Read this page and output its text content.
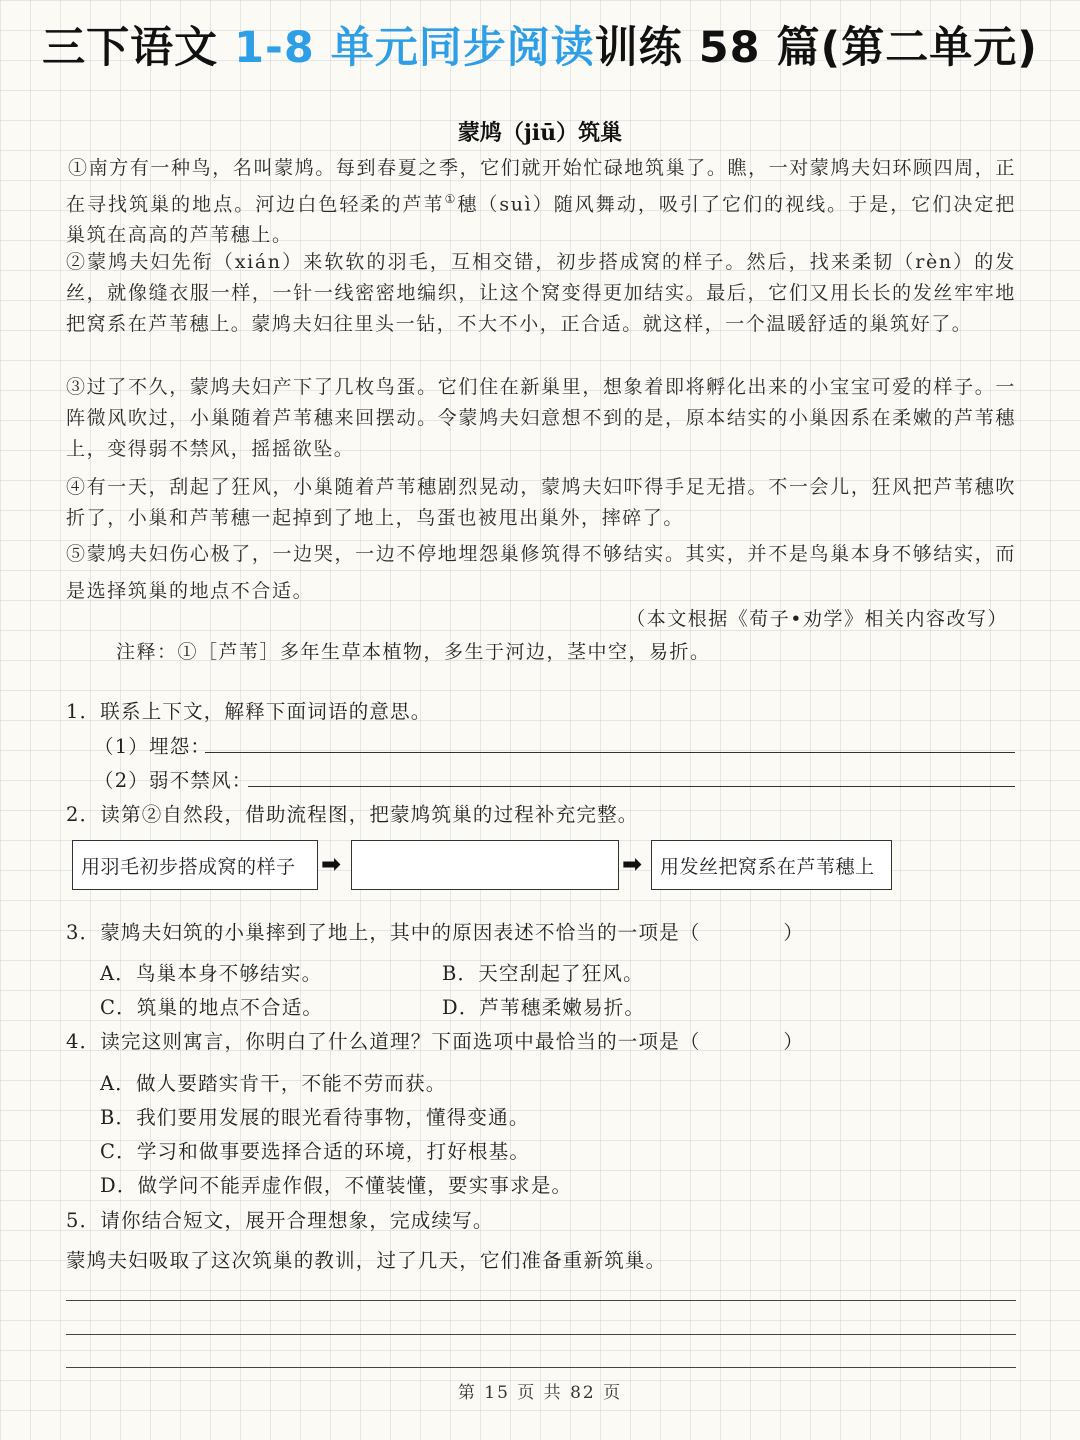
三下语文 1-8 单元同步阅读训练 58 篇(第二单元)
蒙鸠（jiū）筑巢

①南方有一种鸟，名叫蒙鸠。每到春夏之季，它们就开始忙碌地筑巢了。瞧，一对蒙鸠夫妇环顾四周，正在寻找筑巢的地点。河边白色轻柔的芦苇①穗（suì）随风舞动，吸引了它们的视线。于是，它们决定把巢筑在高高的芦苇穗上。

②蒙鸠夫妇先衔（xián）来软软的羽毛，互相交错，初步搭成窝的样子。然后，找来柔韧（rèn）的发丝，就像缝衣服一样，一针一线密密地编织，让这个窝变得更加结实。最后，它们又用长长的发丝牢牢地把窝系在芦苇穗上。蒙鸠夫妇往里头一钻，不大不小，正合适。就这样，一个温暖舒适的巢筑好了。

③过了不久，蒙鸠夫妇产下了几枚鸟蛋。它们住在新巢里，想象着即将孵化出来的小宝宝可爱的样子。一阵微风吹过，小巢随着芦苇穗来回摆动。令蒙鸠夫妇意想不到的是，原本结实的小巢因系在柔嫩的芦苇穗上，变得弱不禁风，摇摇欲坠。

④有一天，刮起了狂风，小巢随着芦苇穗剧烈晃动，蒙鸠夫妇吓得手足无措。不一会儿，狂风把芦苇穗吹折了，小巢和芦苇穗一起掉到了地上，鸟蛋也被甩出巢外，摔碎了。

⑤蒙鸠夫妇伤心极了，一边哭，一边不停地埋怨巢修筑得不够结实。其实，并不是鸟巢本身不够结实，而是选择筑巢的地点不合适。

（本文根据《荀子•劝学》相关内容改写）
注释：①［芦苇］多年生草本植物，多生于河边，茎中空，易折。
1．联系上下文，解释下面词语的意思。
（1）埋怨：
（2）弱不禁风：
2．读第②自然段，借助流程图，把蒙鸠筑巢的过程补充完整。
用羽毛初步搭成窝的样子	➡	➡ 用发丝把窝系在芦苇穗上
3．蒙鸠夫妇筑的小巢摔到了地上，其中的原因表述不恰当的一项是（　　　　）
A．鸟巢本身不够结实。	B．天空刮起了狂风。
C．筑巢的地点不合适。	D．芦苇穗柔嫩易折。
4．读完这则寓言，你明白了什么道理？下面选项中最恰当的一项是（　　　　）
A．做人要踏实肯干，不能不劳而获。
B．我们要用发展的眼光看待事物，懂得变通。
C．学习和做事要选择合适的环境，打好根基。
D．做学问不能弄虚作假，不懂装懂，要实事求是。
5．请你结合短文，展开合理想象，完成续写。
蒙鸠夫妇吸取了这次筑巢的教训，过了几天，它们准备重新筑巢。
第 15 页 共 82 页
